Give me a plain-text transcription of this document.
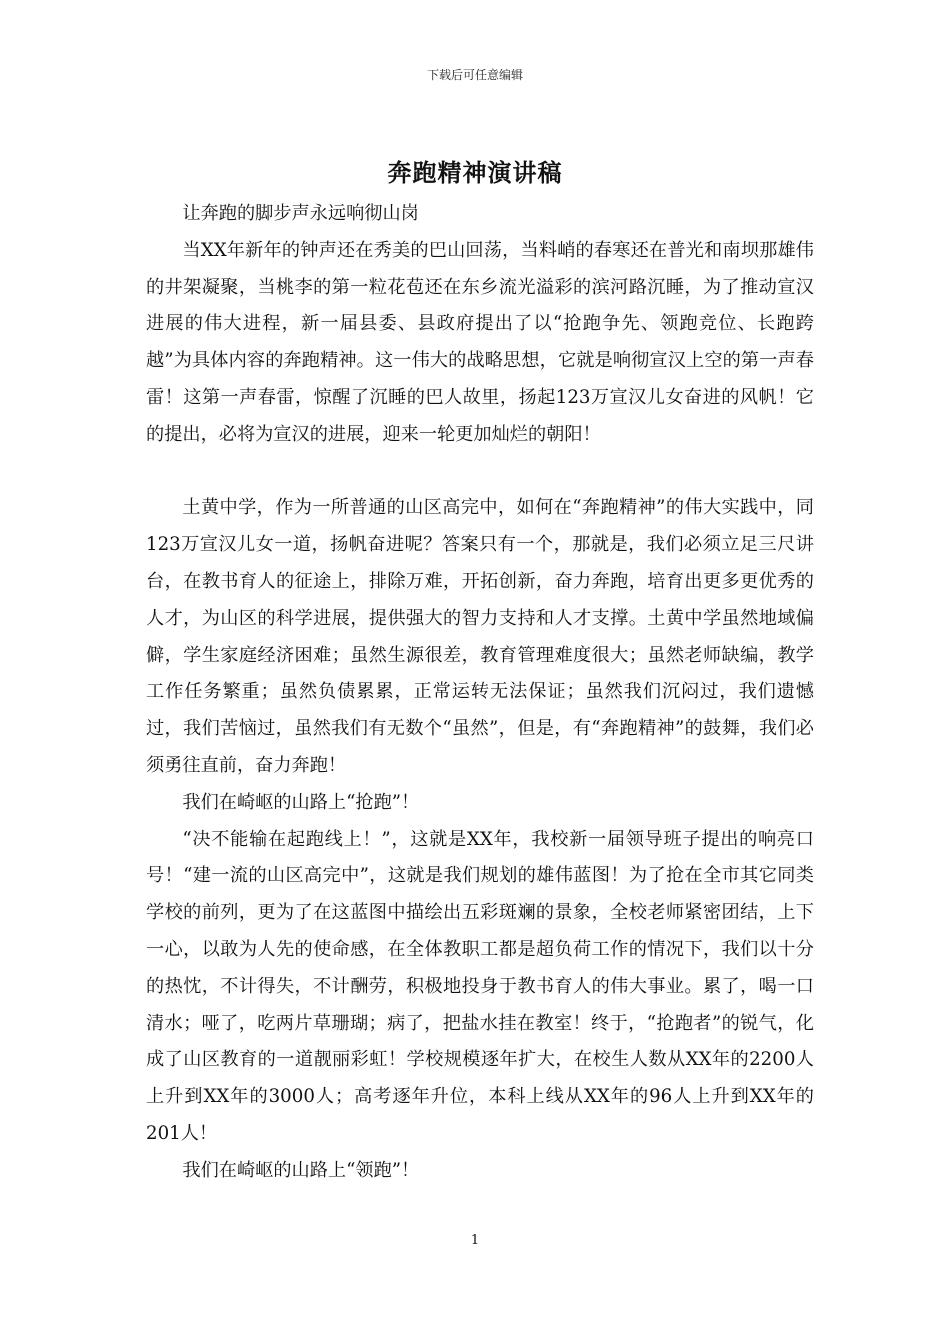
下载后可任意编辑
奔跑精神演讲稿

让奔跑的脚步声永远响彻山岗

当XX年新年的钟声还在秀美的巴山回荡，当料峭的春寒还在普光和南坝那雄伟的井架凝聚，当桃李的第一粒花苞还在东乡流光溢彩的滨河路沉睡，为了推动宣汉进展的伟大进程，新一届县委、县政府提出了以“抢跑争先、领跑竞位、长跑跨越”为具体内容的奔跑精神。这一伟大的战略思想，它就是响彻宣汉上空的第一声春雷！这第一声春雷，惊醒了沉睡的巴人故里，扬起123万宣汉儿女奋进的风帆！它的提出，必将为宣汉的进展，迎来一轮更加灿烂的朝阳！

土黄中学，作为一所普通的山区高完中，如何在“奔跑精神”的伟大实践中，同123万宣汉儿女一道，扬帆奋进呢？答案只有一个，那就是，我们必须立足三尺讲台，在教书育人的征途上，排除万难，开拓创新，奋力奔跑，培育出更多更优秀的人才，为山区的科学进展，提供强大的智力支持和人才支撑。土黄中学虽然地域偏僻，学生家庭经济困难；虽然生源很差，教育管理难度很大；虽然老师缺编，教学工作任务繁重；虽然负债累累，正常运转无法保证；虽然我们沉闷过，我们遗憾过，我们苦恼过，虽然我们有无数个“虽然”，但是，有“奔跑精神”的鼓舞，我们必须勇往直前，奋力奔跑！

我们在崎岖的山路上“抢跑”！

“决不能输在起跑线上！”，这就是XX年，我校新一届领导班子提出的响亮口号！“建一流的山区高完中”，这就是我们规划的雄伟蓝图！为了抢在全市其它同类学校的前列，更为了在这蓝图中描绘出五彩斑斓的景象，全校老师紧密团结，上下一心，以敢为人先的使命感，在全体教职工都是超负荷工作的情况下，我们以十分的热忱，不计得失，不计酬劳，积极地投身于教书育人的伟大事业。累了，喝一口清水；哑了，吃两片草珊瑚；病了，把盐水挂在教室！终于，“抢跑者”的锐气，化成了山区教育的一道靓丽彩虹！学校规模逐年扩大，在校生人数从XX年的2200人上升到XX年的3000人；高考逐年升位，本科上线从XX年的96人上升到XX年的201人！

我们在崎岖的山路上“领跑”！

1
